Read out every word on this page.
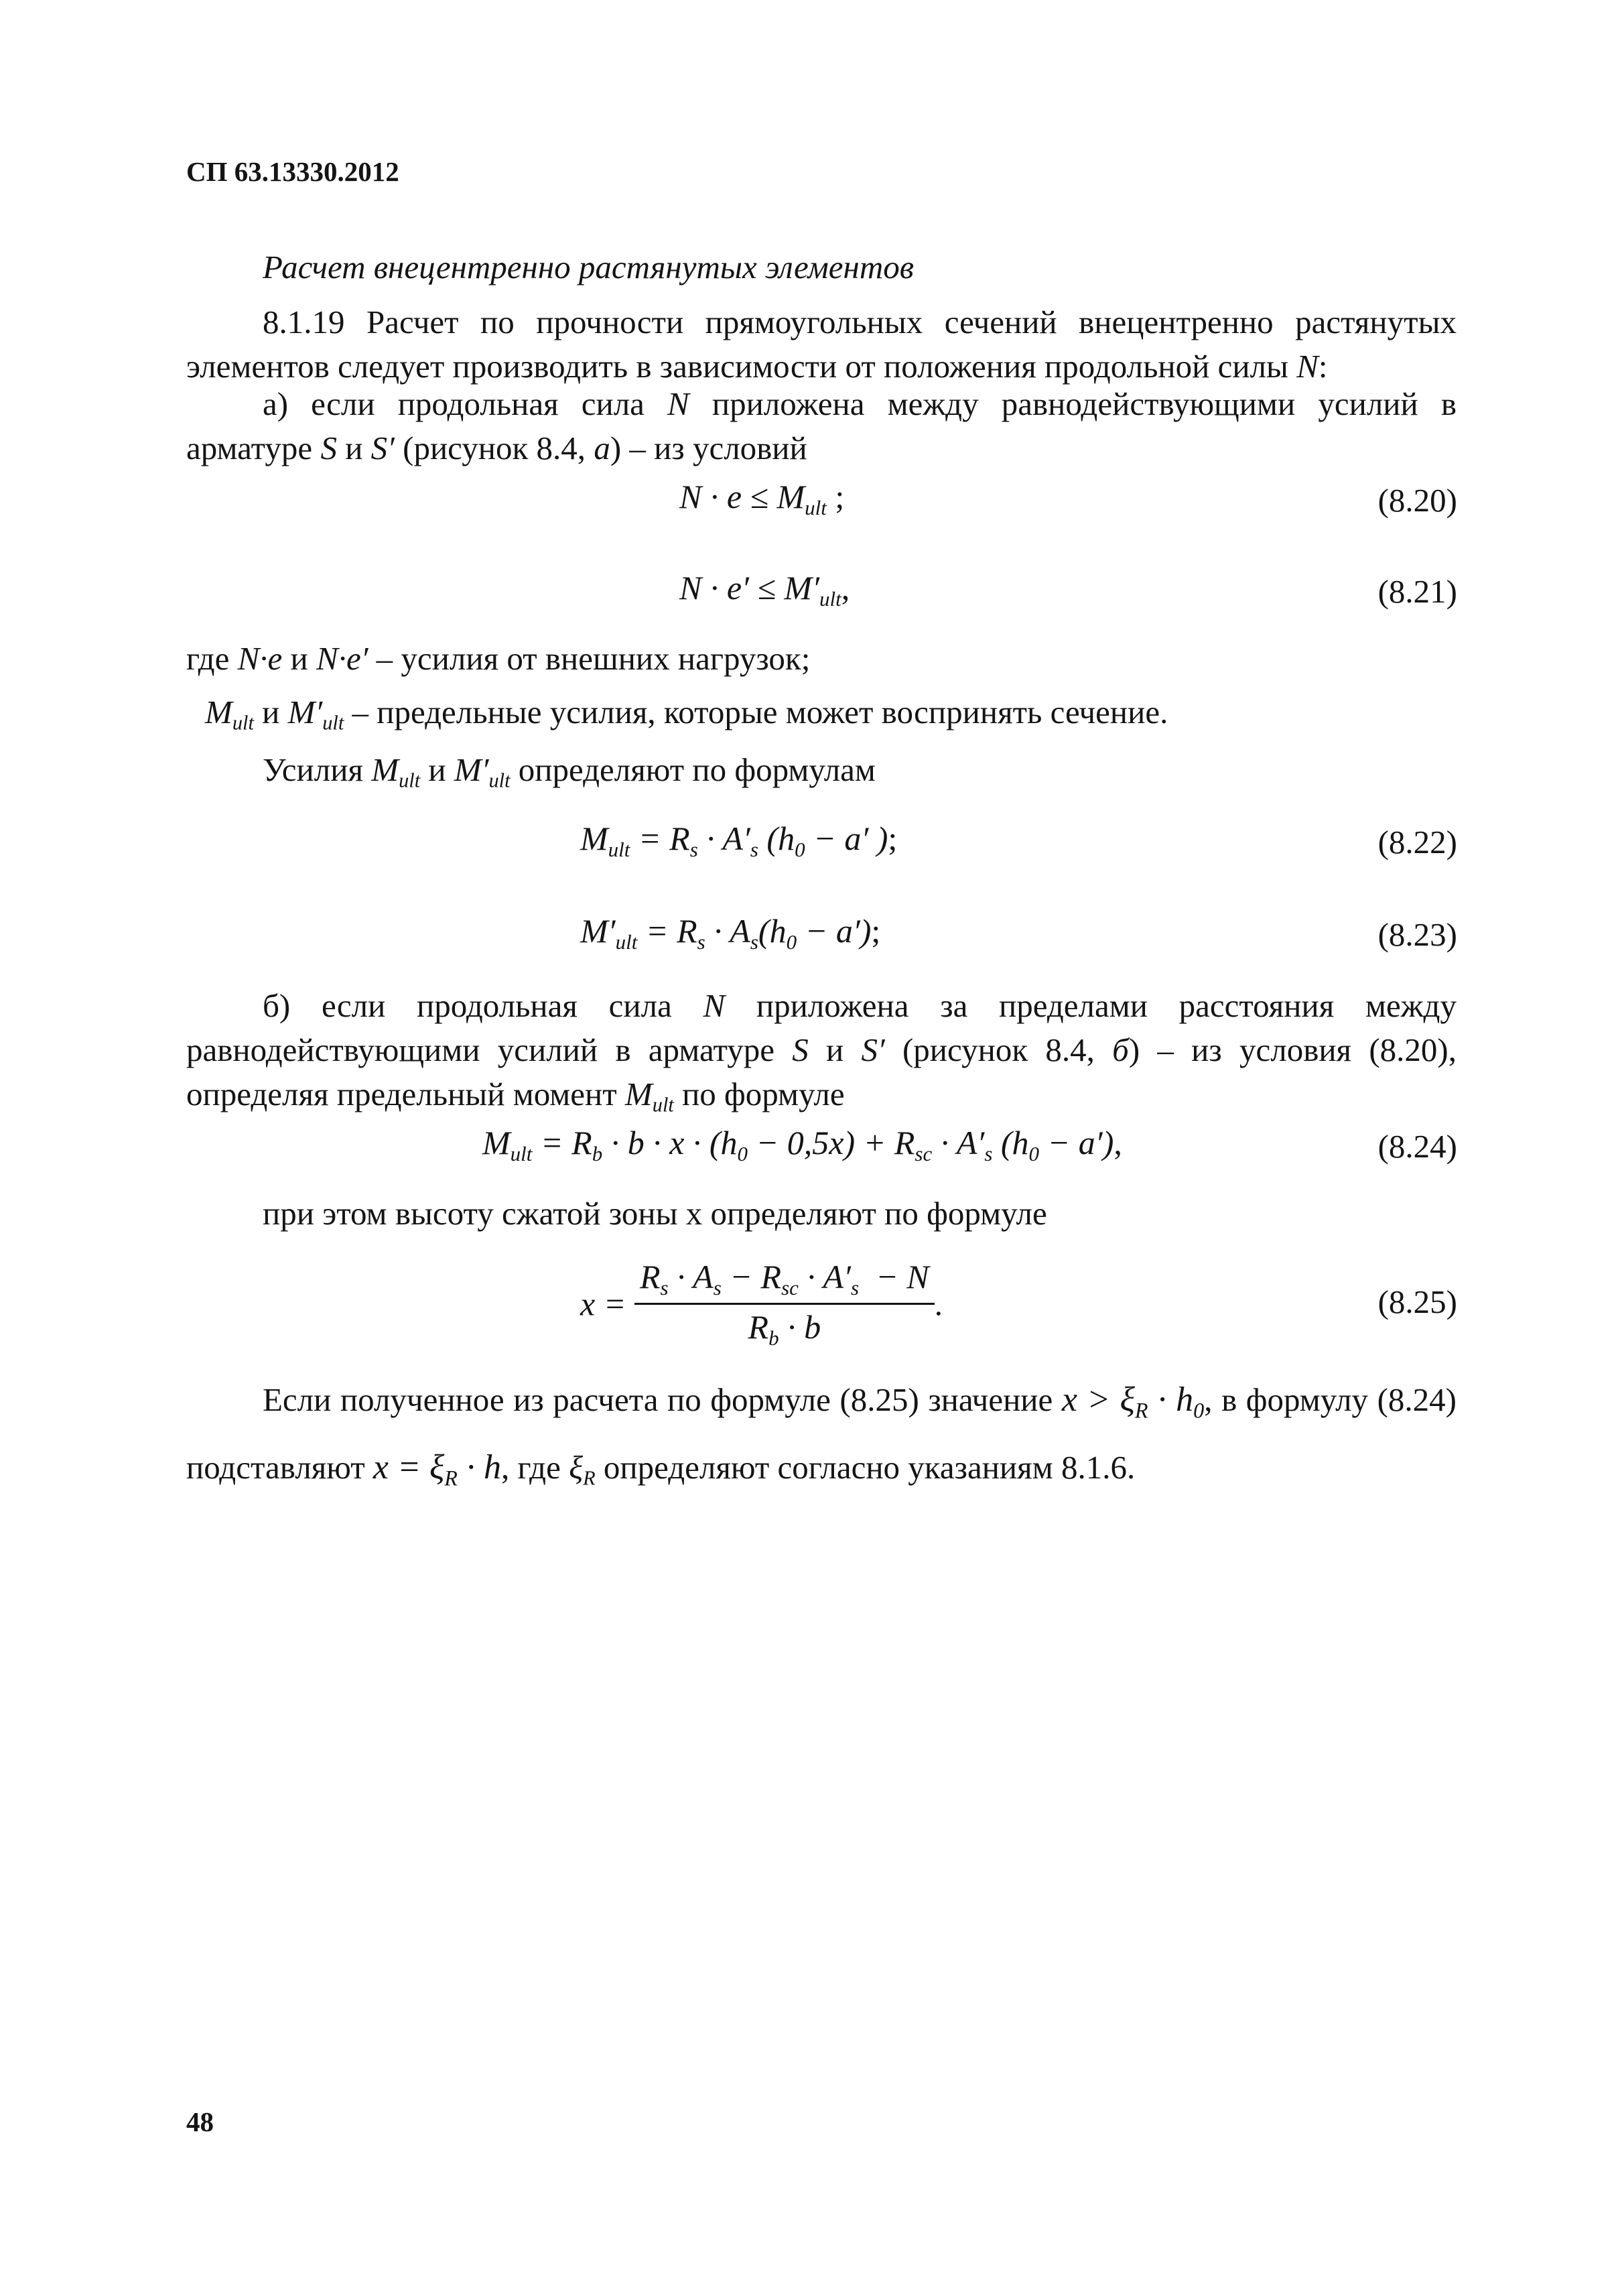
СП 63.13330.2012
Расчет внецентренно растянутых элементов
8.1.19 Расчет по прочности прямоугольных сечений внецентренно растянутых элементов следует производить в зависимости от положения продольной силы N:
а) если продольная сила N приложена между равнодействующими усилий в арматуре S и S′ (рисунок 8.4, а) – из условий
$N \cdot e \le M_{ult}$ ;	(8.20)
$N \cdot e' \le M'_{ult}$,	(8.21)
где N·e и N·e′ – усилия от внешних нагрузок;
$M_{ult}$ и $M'_{ult}$ – предельные усилия, которые может воспринять сечение.
Усилия $M_{ult}$ и $M'_{ult}$ определяют по формулам
$M_{ult} = R_s \cdot A'_s$ ($h_0 - a'$ );	(8.22)
$M'_{ult} = R_s \cdot A_s(h_0 - a')$;	(8.23)
б) если продольная сила N приложена за пределами расстояния между равнодействующими усилий в арматуре S и S′ (рисунок 8.4, б) – из условия (8.20), определяя предельный момент $M_{ult}$ по формуле
$M_{ult} = R_b \cdot b \cdot x \cdot (h_0 - 0,5x) + R_{sc} \cdot A'_s$ $(h_0 - a')$,	(8.24)
при этом высоту сжатой зоны x определяют по формуле
$x = \frac{R_s \cdot A_s - R_{sc} \cdot A'_s - N}{R_b \cdot b}$ .	(8.25)
Если полученное из расчета по формуле (8.25) значение $x > \xi_R \cdot h_0$, в формулу (8.24) подставляют $x = \xi_R \cdot h$, где $\xi_R$ определяют согласно указаниям 8.1.6.
48
